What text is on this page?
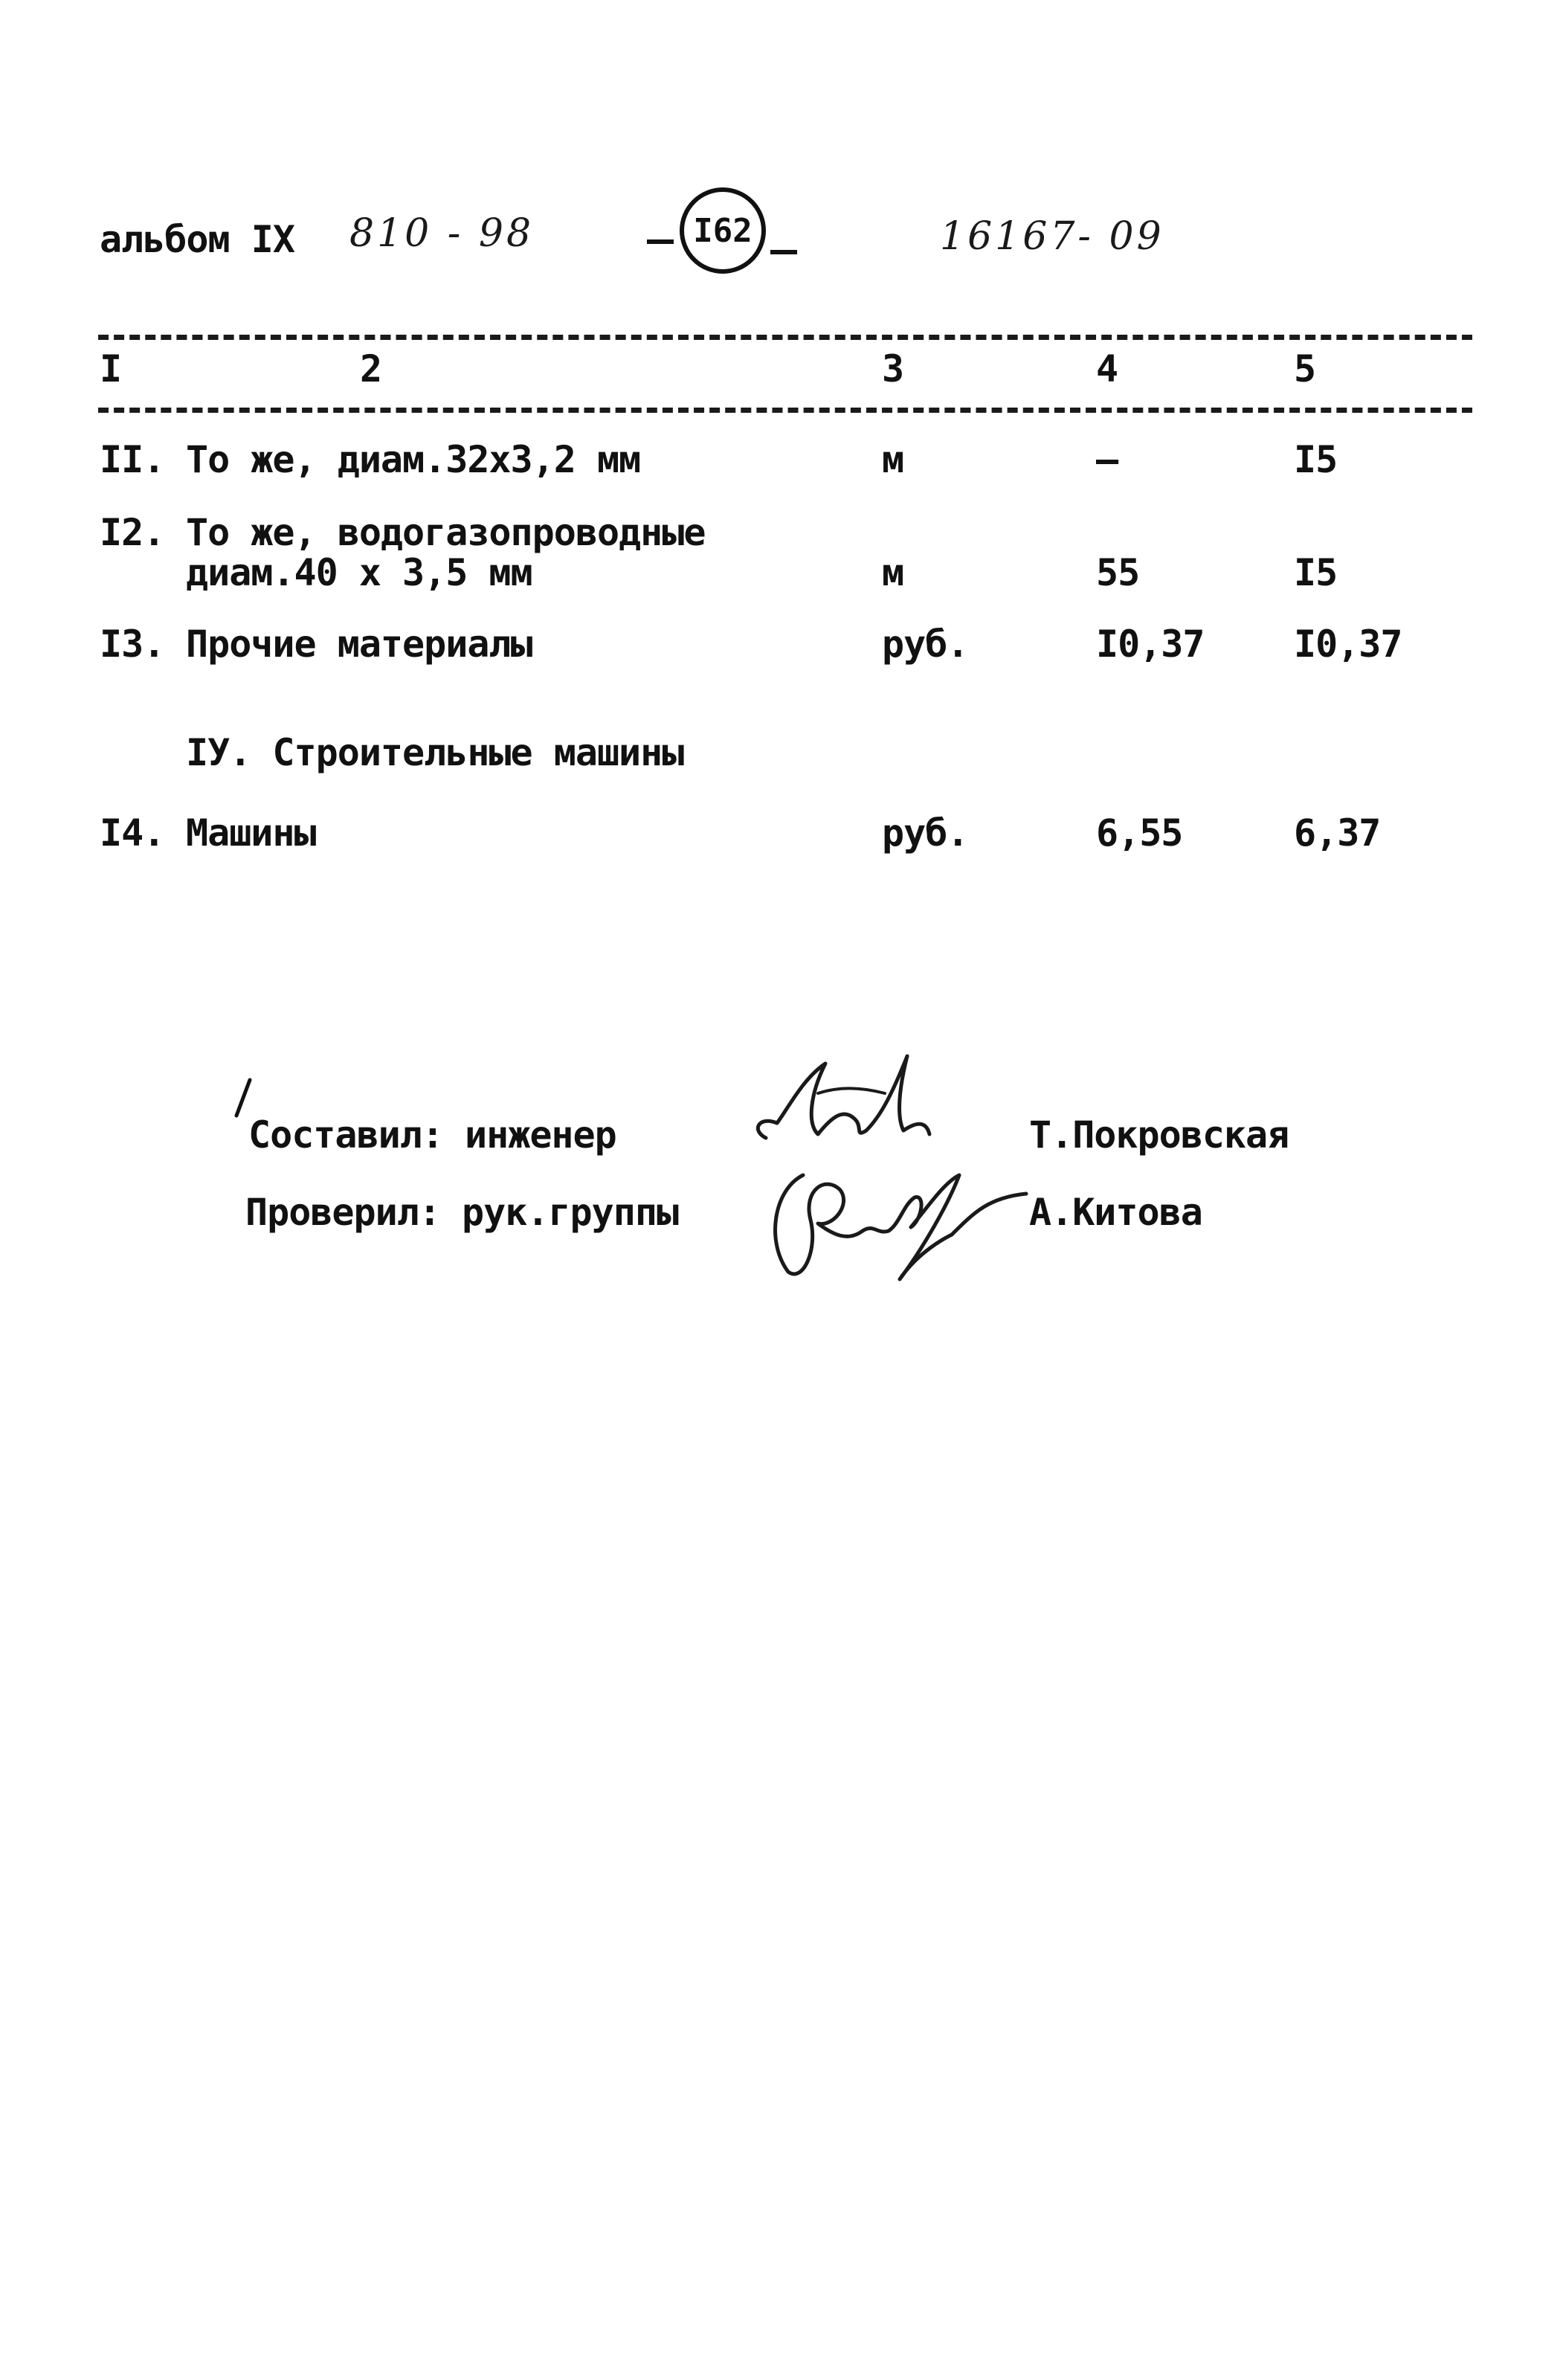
альбом IX 810 - 98	I62	16167- 09
I	2	3	4	5
II. То же, диам.32х3,2 мм	м	–	I5
I2. То же, водогазопроводные
диам.40 х 3,5 мм	м	55	I5
I3. Прочие материалы	руб.	I0,37 I0,37
IУ. Строительные машины
I4. Машины	руб.	6,55	6,37
Составил: инженер
Проверил: рук.группы
Т.Покровская
А.Китова
